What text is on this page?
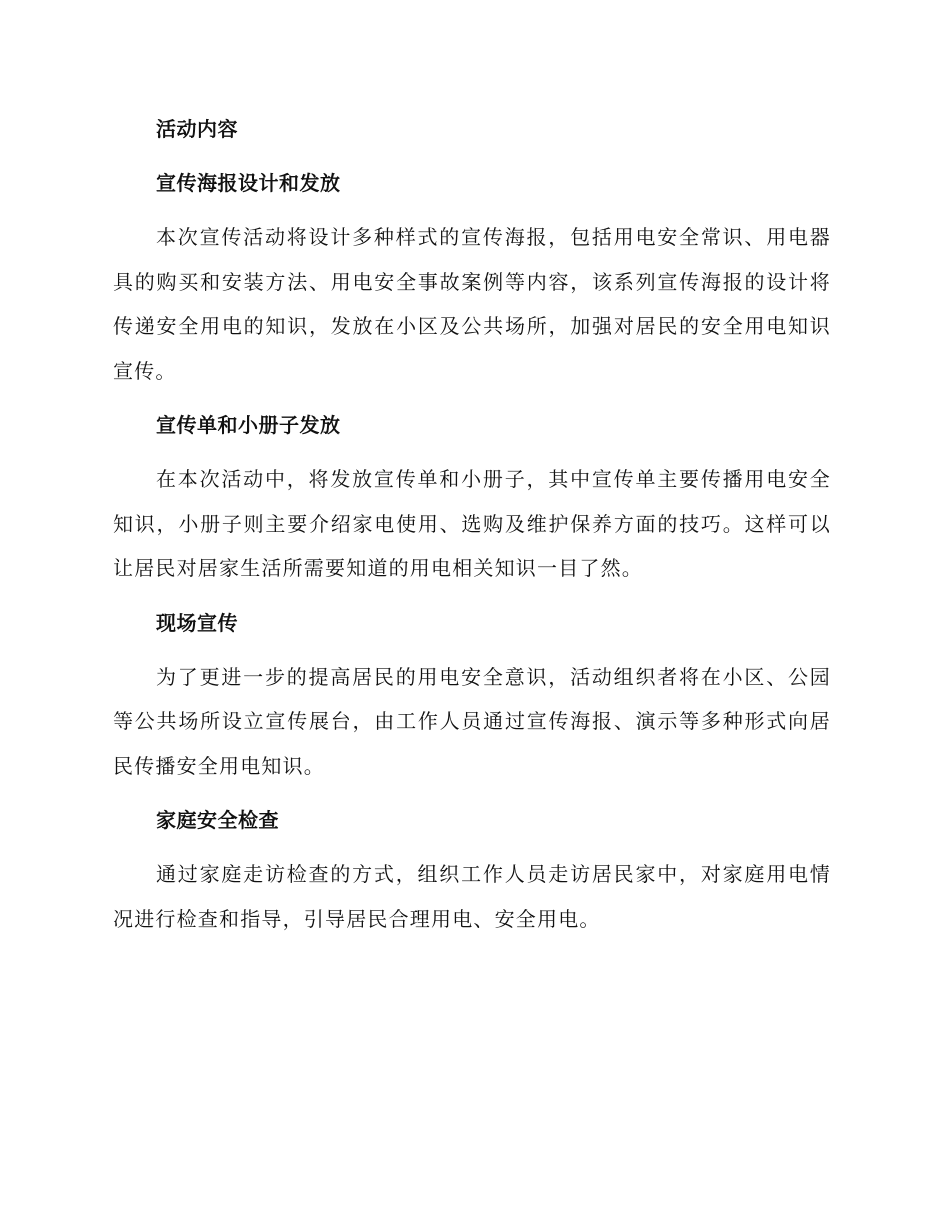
活动内容
宣传海报设计和发放
本次宣传活动将设计多种样式的宣传海报，包括用电安全常识、用电器具的购买和安装方法、用电安全事故案例等内容，该系列宣传海报的设计将传递安全用电的知识，发放在小区及公共场所，加强对居民的安全用电知识宣传。
宣传单和小册子发放
在本次活动中，将发放宣传单和小册子，其中宣传单主要传播用电安全知识，小册子则主要介绍家电使用、选购及维护保养方面的技巧。这样可以让居民对居家生活所需要知道的用电相关知识一目了然。
现场宣传
为了更进一步的提高居民的用电安全意识，活动组织者将在小区、公园等公共场所设立宣传展台，由工作人员通过宣传海报、演示等多种形式向居民传播安全用电知识。
家庭安全检查
通过家庭走访检查的方式，组织工作人员走访居民家中，对家庭用电情况进行检查和指导，引导居民合理用电、安全用电。
